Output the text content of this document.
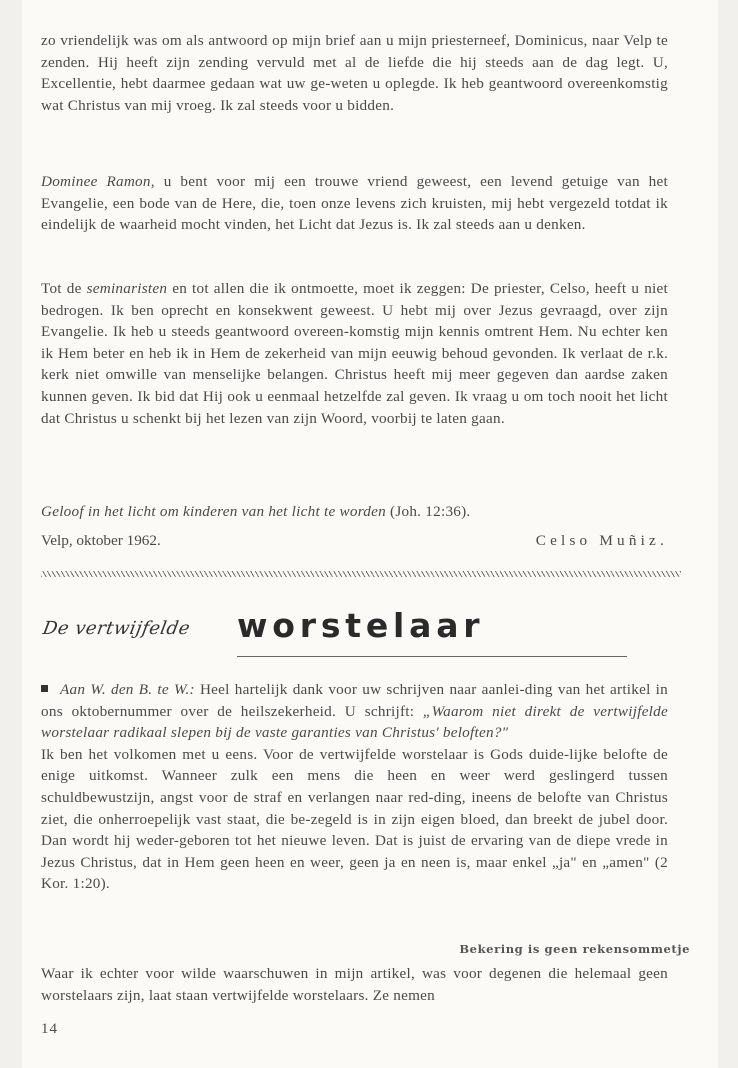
zo vriendelijk was om als antwoord op mijn brief aan u mijn priesterneef, Dominicus, naar Velp te zenden. Hij heeft zijn zending vervuld met al de liefde die hij steeds aan de dag legt. U, Excellentie, hebt daarmee gedaan wat uw ge-weten u oplegde. Ik heb geantwoord overeenkomstig wat Christus van mij vroeg. Ik zal steeds voor u bidden.

Dominee Ramon, u bent voor mij een trouwe vriend geweest, een levend getuige van het Evangelie, een bode van de Here, die, toen onze levens zich kruisten, mij hebt vergezeld totdat ik eindelijk de waarheid mocht vinden, het Licht dat Jezus is. Ik zal steeds aan u denken.

Tot de seminaristen en tot allen die ik ontmoette, moet ik zeggen: De priester, Celso, heeft u niet bedrogen. Ik ben oprecht en konsekwent geweest. U hebt mij over Jezus gevraagd, over zijn Evangelie. Ik heb u steeds geantwoord overeen-komstig mijn kennis omtrent Hem. Nu echter ken ik Hem beter en heb ik in Hem de zekerheid van mijn eeuwig behoud gevonden. Ik verlaat de r.k. kerk niet omwille van menselijke belangen. Christus heeft mij meer gegeven dan aardse zaken kunnen geven. Ik bid dat Hij ook u eenmaal hetzelfde zal geven. Ik vraag u om toch nooit het licht dat Christus u schenkt bij het lezen van zijn Woord, voorbij te laten gaan.

Geloof in het licht om kinderen van het licht te worden (Joh. 12:36).

Velp, oktober 1962.	Celso Muñiz.
De vertwijfelde worstelaar

Aan W. den B. te W.: Heel hartelijk dank voor uw schrijven naar aanlei-ding van het artikel in ons oktobernummer over de heilszekerheid. U schrijft: „Waarom niet direkt de vertwijfelde worstelaar radikaal slepen bij de vaste garanties van Christus' beloften?"

Ik ben het volkomen met u eens. Voor de vertwijfelde worstelaar is Gods duide-lijke belofte de enige uitkomst. Wanneer zulk een mens die heen en weer werd geslingerd tussen schuldbewustzijn, angst voor de straf en verlangen naar red-ding, ineens de belofte van Christus ziet, die onherroepelijk vast staat, die be-zegeld is in zijn eigen bloed, dan breekt de jubel door. Dan wordt hij weder-geboren tot het nieuwe leven. Dat is juist de ervaring van de diepe vrede in Jezus Christus, dat in Hem geen heen en weer, geen ja en neen is, maar enkel „ja" en „amen" (2 Kor. 1:20).

Bekering is geen rekensommetje

Waar ik echter voor wilde waarschuwen in mijn artikel, was voor degenen die helemaal geen worstelaars zijn, laat staan vertwijfelde worstelaars. Ze nemen

14
